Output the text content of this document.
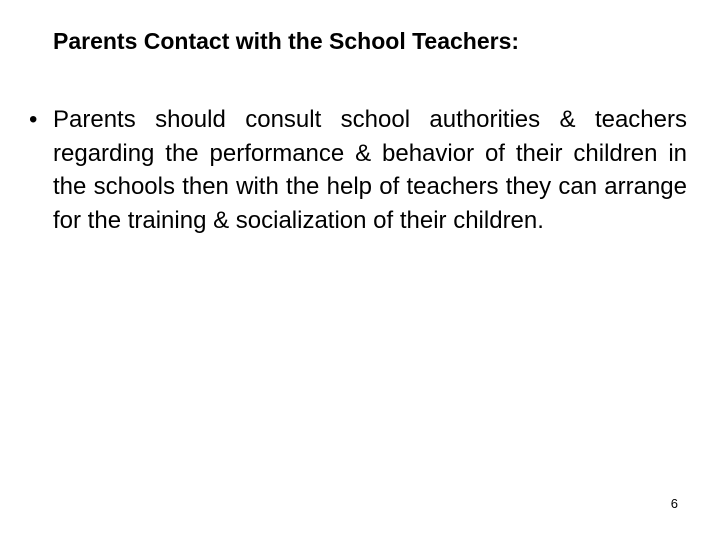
Parents Contact with the School Teachers:
• Parents should consult school authorities & teachers regarding the performance & behavior of their children in the schools then with the help of teachers they can arrange for the training & socialization of their children.
6
